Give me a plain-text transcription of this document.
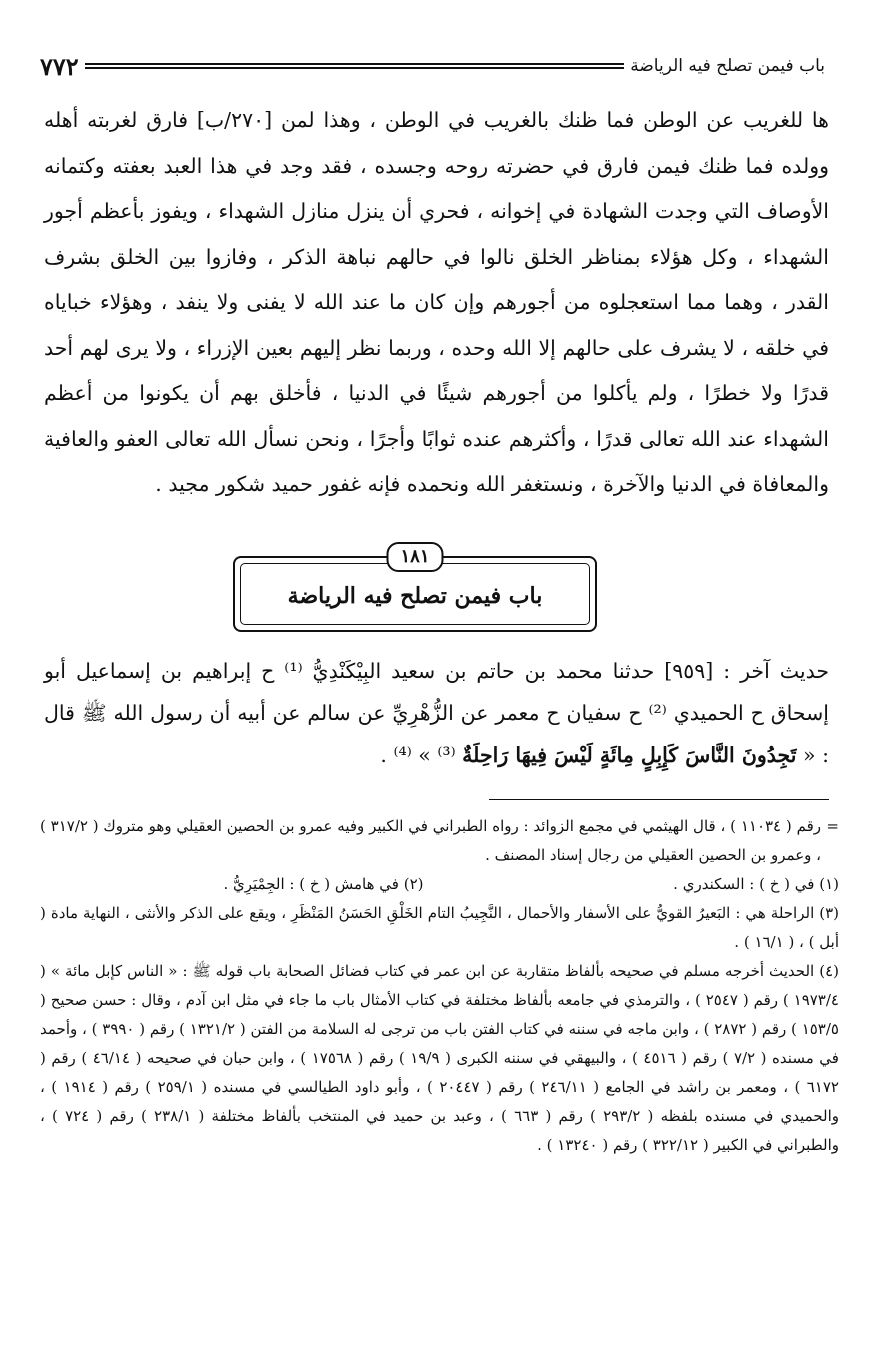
باب فيمن تصلح فيه الرياضة
٧٧٢

ها للغريب عن الوطن فما ظنك بالغريب في الوطن ، وهذا لمن [٢٧٠/ب] فارق لغربته أهله وولده فما ظنك فيمن فارق في حضرته روحه وجسده ، فقد وجد في هذا العبد بعفته وكتمانه الأوصاف التي وجدت الشهادة في إخوانه ، فحري أن ينزل منازل الشهداء ، ويفوز بأعظم أجور الشهداء ، وكل هؤلاء بمناظر الخلق نالوا في حالهم نباهة الذكر ، وفازوا بين الخلق بشرف القدر ، وهما مما استعجلوه من أجورهم وإن كان ما عند الله لا يفنى ولا ينفد ، وهؤلاء خباياه في خلقه ، لا يشرف على حالهم إلا الله وحده ، وربما نظر إليهم بعين الإزراء ، ولا يرى لهم أحد قدرًا ولا خطرًا ، ولم يأكلوا من أجورهم شيئًا في الدنيا ، فأخلق بهم أن يكونوا من أعظم الشهداء عند الله تعالى قدرًا ، وأكثرهم عنده ثوابًا وأجرًا ، ونحن نسأل الله تعالى العفو والعافية والمعافاة في الدنيا والآخرة ، ونستغفر الله ونحمده فإنه غفور حميد شكور مجيد .

١٨١
باب فيمن تصلح فيه الرياضة

حديث آخر : [٩٥٩] حدثنا محمد بن حاتم بن سعيد البِيْكَنْدِيُّ ⁽¹⁾ ح إبراهيم بن إسماعيل أبو إسحاق ح الحميدي ⁽²⁾ ح سفيان ح معمر عن الزُّهْرِيِّ عن سالم عن أبيه أن رسول الله ﷺ قال : « تَجِدُونَ النَّاسَ كَإِبِلٍ مِائَةٍ لَيْسَ فِيهَا رَاحِلَةٌ ⁽³⁾ » ⁽⁴⁾ .

=
رقم ( ١١٠٣٤ ) ، قال الهيثمي في مجمع الزوائد : رواه الطبراني في الكبير وفيه عمرو بن الحصين العقيلي وهو متروك ( ٣١٧/٢ ) ، وعمرو بن الحصين العقيلي من رجال إسناد المصنف .

(١) في ( خ ) : السكندري .
(٢) في هامش ( خ ) : الجِمْيَرِيُّ .

(٣) الراحلة هي : البَعيرُ القويُّ على الأسفار والأحمال ، النَّجِيبُ التام الخَلْقِ الحَسَنُ المَنْظَرِ ، ويقع على الذكر والأنثى ، النهاية مادة ( أبل ) ، ( ١٦/١ ) .

(٤) الحديث أخرجه مسلم في صحيحه بألفاظ متقاربة عن ابن عمر في كتاب فضائل الصحابة باب قوله ﷺ : « الناس كإبل مائة » ( ١٩٧٣/٤ ) رقم ( ٢٥٤٧ ) ، والترمذي في جامعه بألفاظ مختلفة في كتاب الأمثال باب ما جاء في مثل ابن آدم ، وقال : حسن صحيح ( ١٥٣/٥ ) رقم ( ٢٨٧٢ ) ، وابن ماجه في سننه في كتاب الفتن باب من ترجى له السلامة من الفتن ( ١٣٢١/٢ ) رقم ( ٣٩٩٠ ) ، وأحمد في مسنده ( ٧/٢ ) رقم ( ٤٥١٦ ) ، والبيهقي في سننه الكبرى ( ١٩/٩ ) رقم ( ١٧٥٦٨ ) ، وابن حبان في صحيحه ( ٤٦/١٤ ) رقم ( ٦١٧٢ ) ، ومعمر بن راشد في الجامع ( ٢٤٦/١١ ) رقم ( ٢٠٤٤٧ ) ، وأبو داود الطيالسي في مسنده ( ٢٥٩/١ ) رقم ( ١٩١٤ ) ، والحميدي في مسنده بلفظه ( ٢٩٣/٢ ) رقم ( ٦٦٣ ) ، وعبد بن حميد في المنتخب بألفاظ مختلفة ( ٢٣٨/١ ) رقم ( ٧٢٤ ) ، والطبراني في الكبير ( ٣٢٢/١٢ ) رقم ( ١٣٢٤٠ ) .
